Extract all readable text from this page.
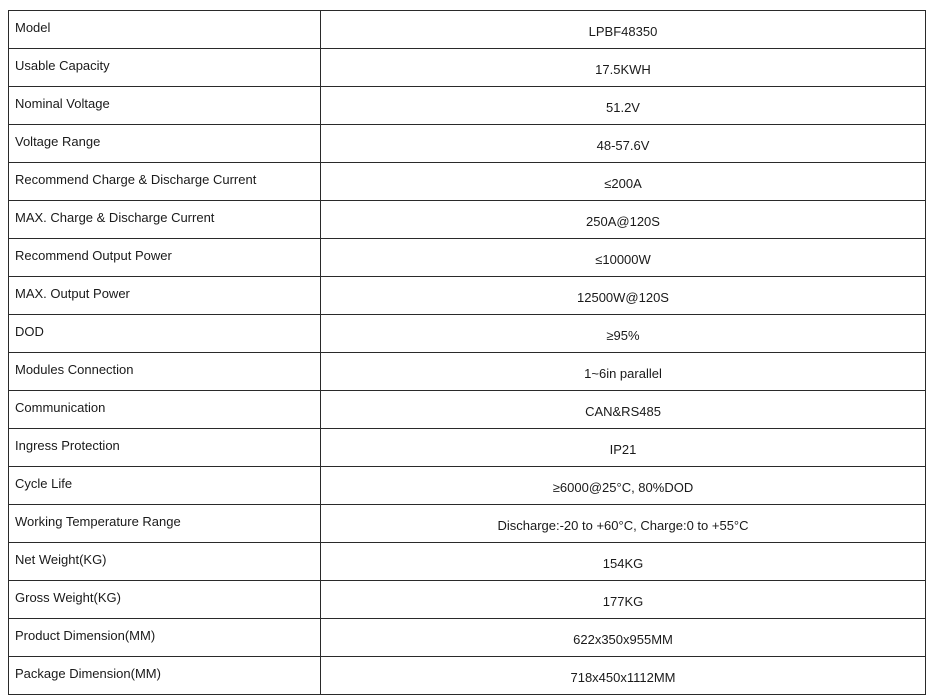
Model	LPBF48350
Usable Capacity	17.5KWH
Nominal Voltage	51.2V
Voltage Range	48-57.6V
Recommend Charge & Discharge Current	≤200A
MAX. Charge & Discharge Current	250A@120S
Recommend Output Power	≤10000W
MAX. Output Power	12500W@120S
DOD	≥95%
Modules Connection	1~6in parallel
Communication	CAN&RS485
Ingress Protection	IP21
Cycle Life	≥6000@25°C, 80%DOD
Working Temperature Range	Discharge:-20 to +60°C, Charge:0 to +55°C
Net Weight(KG)	154KG
Gross Weight(KG)	177KG
Product Dimension(MM)	622x350x955MM
Package Dimension(MM)	718x450x1112MM
